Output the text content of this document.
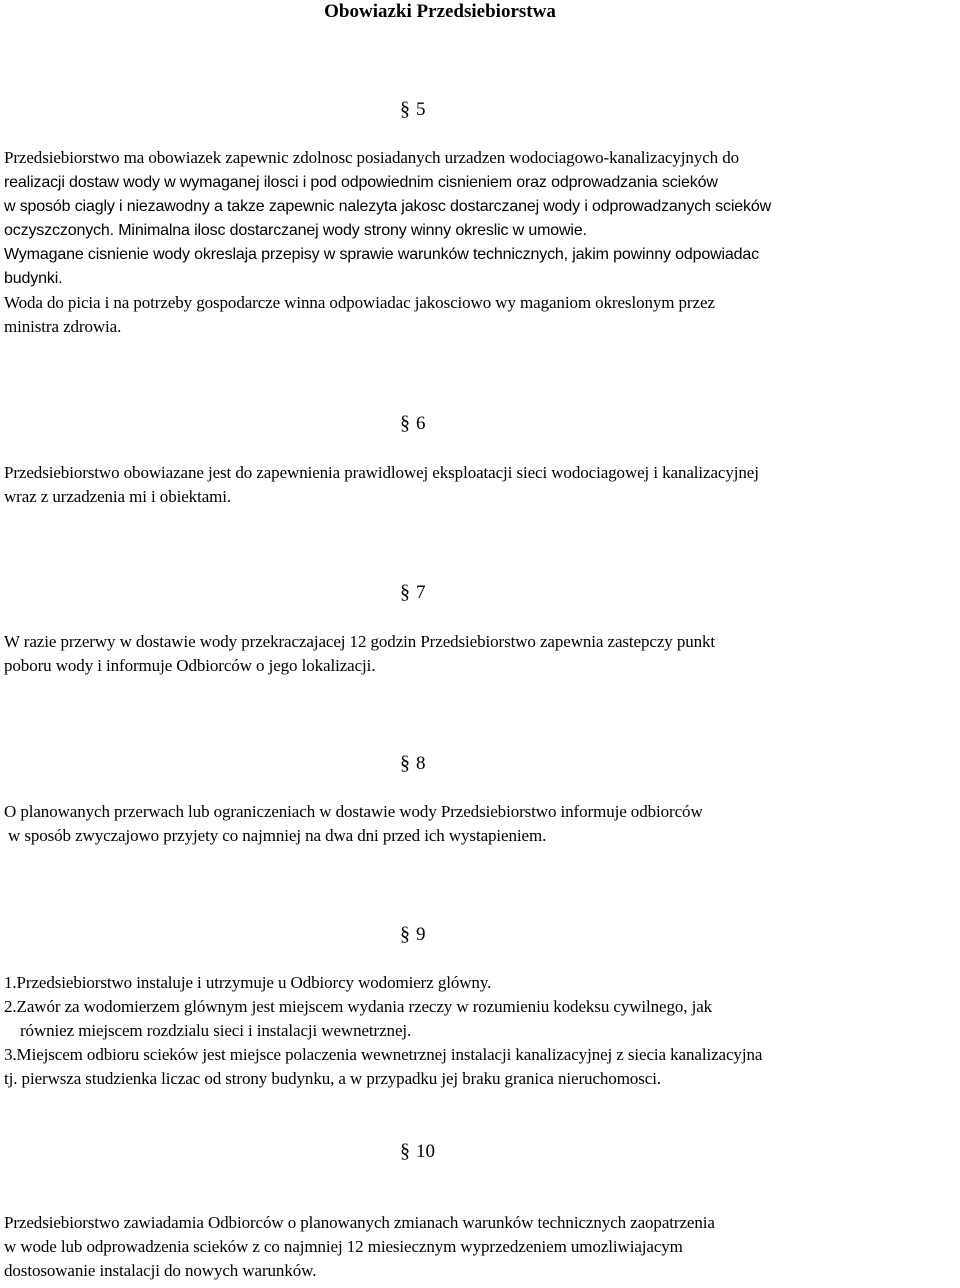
Obowiazki Przedsiebiorstwa
§ 5
Przedsiebiorstwo ma obowiazek zapewnic zdolnosc posiadanych urzadzen wodociagowo-kanalizacyjnych do
realizacji dostaw wody w wymaganej ilosci i pod odpowiednim cisnieniem oraz odprowadzania scieków
w sposób ciagly i niezawodny a takze zapewnic nalezyta jakosc dostarczanej wody i odprowadzanych scieków
oczyszczonych. Minimalna ilosc dostarczanej wody strony winny okreslic w umowie.
Wymagane cisnienie wody okreslaja przepisy w sprawie warunków technicznych, jakim powinny odpowiadac
budynki.
Woda do picia i na potrzeby gospodarcze winna odpowiadac jakosciowo wy maganiom okreslonym przez
ministra zdrowia.
§ 6
Przedsiebiorstwo obowiazane jest do zapewnienia prawidlowej eksploatacji sieci wodociagowej i kanalizacyjnej
wraz z urzadzenia mi i obiektami.
§ 7
W razie przerwy w dostawie wody przekraczajacej 12 godzin Przedsiebiorstwo zapewnia zastepczy punkt
poboru wody i informuje Odbiorców o jego lokalizacji.
§ 8
O planowanych przerwach lub ograniczeniach w dostawie wody Przedsiebiorstwo informuje odbiorców
w sposób zwyczajowo przyjety co najmniej na dwa dni przed ich wystapieniem.
§ 9
1.Przedsiebiorstwo instaluje i utrzymuje u Odbiorcy wodomierz glówny.
2.Zawór za wodomierzem glównym jest miejscem wydania rzeczy w rozumieniu kodeksu cywilnego, jak
równiez miejscem rozdzialu sieci i instalacji wewnetrznej.
3.Miejscem odbioru scieków jest miejsce polaczenia wewnetrznej instalacji kanalizacyjnej z siecia kanalizacyjna
tj. pierwsza studzienka liczac od strony budynku, a w przypadku jej braku granica nieruchomosci.
§ 10
Przedsiebiorstwo zawiadamia Odbiorców o planowanych zmianach warunków technicznych zaopatrzenia
w wode lub odprowadzenia scieków z co najmniej 12 miesiecznym wyprzedzeniem umozliwiajacym
dostosowanie instalacji do nowych warunków.
